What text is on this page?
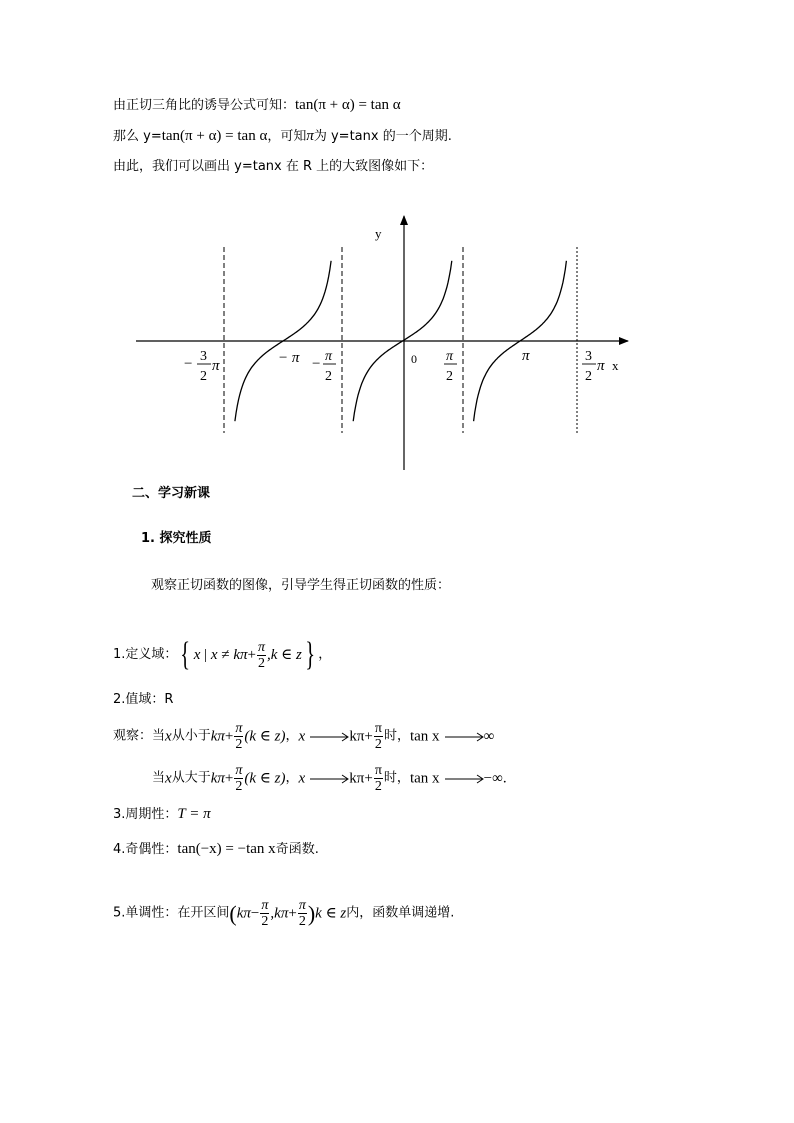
由正切三角比的诱导公式可知：tan(π + α) = tan α
那么 y=tan(π + α) = tan α，可知π为 y=tanx 的一个周期.
由此，我们可以画出 y=tanx 在 R 上的大致图像如下：
y
x
− 3
2
π	− π − π
2
0 π
2
π	3
2
π
二、学习新课
1. 探究性质
观察正切函数的图像，引导学生得正切函数的性质：
1.定义域：{ x | $x \ne k\pi+ \frac{\pi}{2} ,k$ ∈ z} ，
2.值域：R
观察：当x从小于$k\pi+ \frac{\pi}{2} (k$ ∈ z)，x	$k\pi+ \frac{\pi}{2}$ 时，tan x	∞
当x从大于$k\pi+ \frac{\pi}{2} (k$ ∈ z)，x	$k\pi+ \frac{\pi}{2}$ 时，tan x	−∞.
3.周期性：T = π
4.奇偶性：tan(−x) = −tan x奇函数.
5.单调性：在开区间$(k\pi- \frac{\pi}{2} ,k\pi+ \frac{\pi}{2} )k$ ∈ z内，函数单调递增.
